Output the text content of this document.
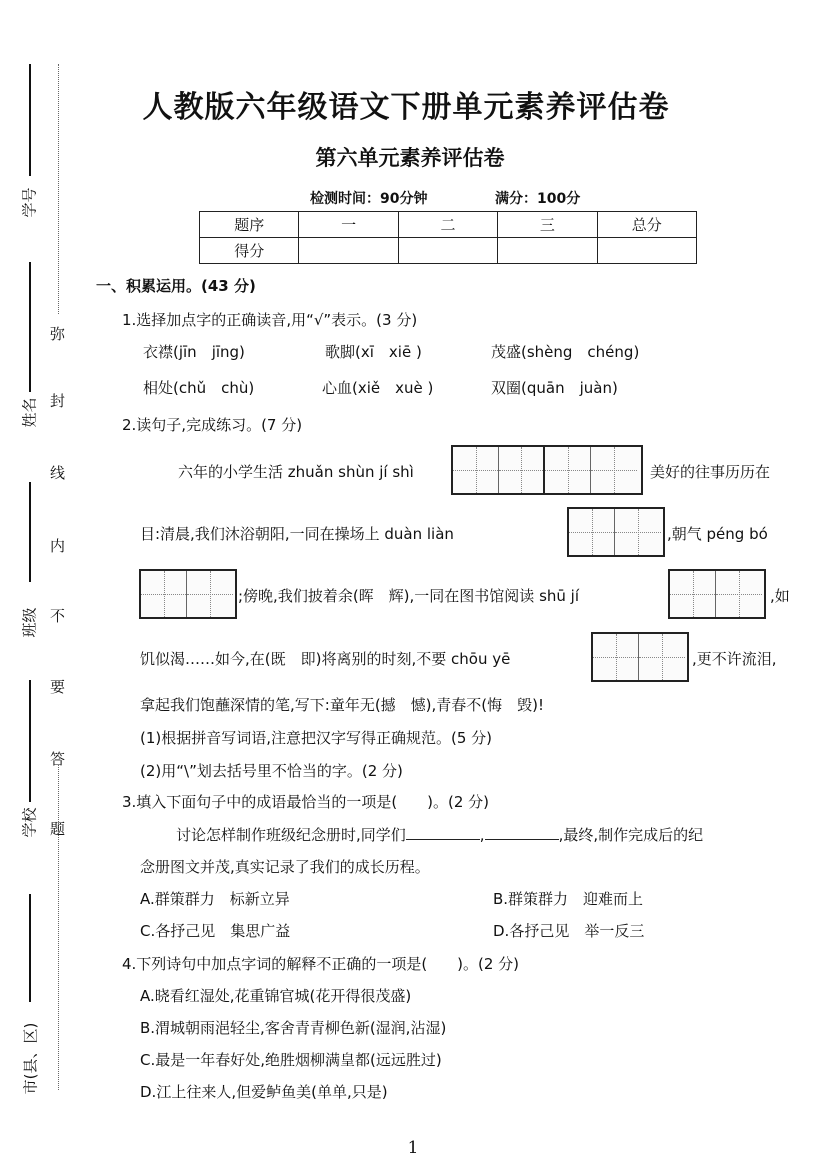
学号
姓名
班级
学校
市(县、区)
弥
封
线
内
不
要
答
题
人教版六年级语文下册单元素养评估卷
第六单元素养评估卷
检测时间：90分钟	满分：100分
题序	一	二	三	总分
得分				
一、积累运用。(43 分)
1.选择加点字的正确读音,用“√”表示。(3 分)
衣襟(jīn　jīng)	歌脚(xī　xiē )	茂盛(shèng　chéng)
相处(chǔ　chù)	心血(xiě　xuè )	双圈(quān　juàn)
2.读句子,完成练习。(7 分)
六年的小学生活 zhuǎn shùn jí shì	美好的往事历历在
目:清晨,我们沐浴朝阳,一同在操场上 duàn liàn	,朝气 péng bó
;傍晚,我们披着余(晖　辉),一同在图书馆阅读 shū jí	,如
饥似渴……如今,在(既　即)将离别的时刻,不要 chōu yē	,更不许流泪,
拿起我们饱蘸深情的笔,写下:童年无(撼　憾),青春不(悔　毁)!
(1)根据拼音写词语,注意把汉字写得正确规范。(5 分)
(2)用“\”划去括号里不恰当的字。(2 分)
3.填入下面句子中的成语最恰当的一项是(　　)。(2 分)
讨论怎样制作班级纪念册时,同学们	,	,最终,制作完成后的纪
念册图文并茂,真实记录了我们的成长历程。
A.群策群力　标新立异	B.群策群力　迎难而上
C.各抒己见　集思广益	D.各抒己见　举一反三
4.下列诗句中加点字词的解释不正确的一项是(　　)。(2 分)
A.晓看红湿处,花重锦官城(花开得很茂盛)
B.渭城朝雨浥轻尘,客舍青青柳色新(湿润,沾湿)
C.最是一年春好处,绝胜烟柳满皇都(远远胜过)
D.江上往来人,但爱鲈鱼美(单单,只是)
1
